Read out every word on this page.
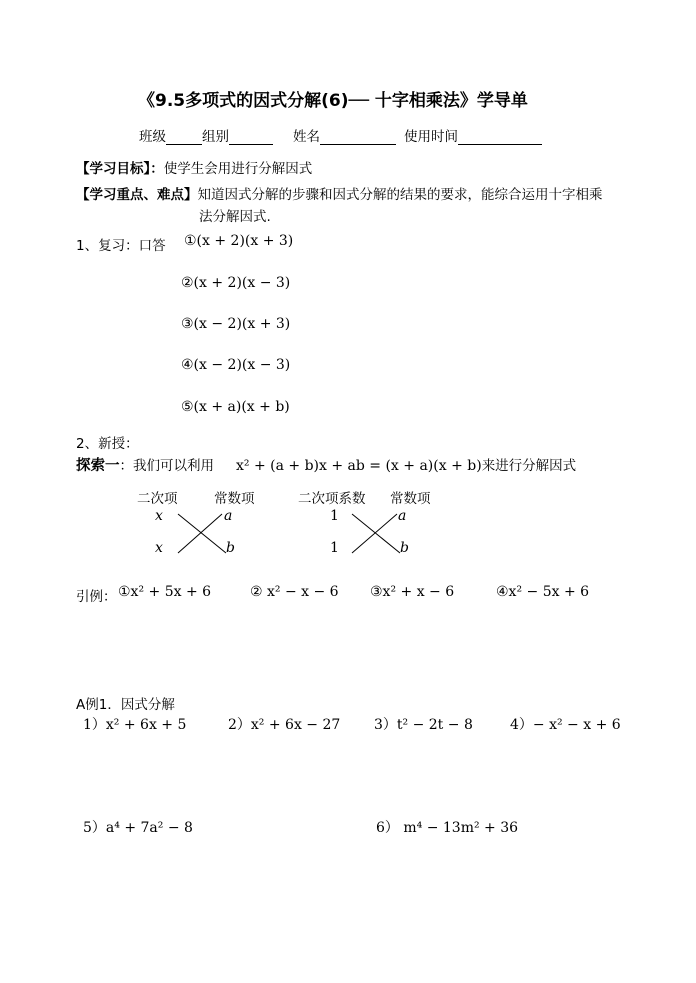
《9.5多项式的因式分解(6)── 十字相乘法》学导单
班级	组别	姓名	使用时间
【学习目标】：使学生会用进行分解因式
【学习重点、难点】知道因式分解的步骤和因式分解的结果的要求，能综合运用十字相乘
法分解因式.
1、复习：口答 ①(x + 2)(x + 3)
②(x + 2)(x − 3)
③(x − 2)(x + 3)
④(x − 2)(x − 3)
⑤(x + a)(x + b)
2、新授：
探索一：我们可以利用 x² + (a + b)x + ab = (x + a)(x + b)来进行分解因式
二次项	常数项
x
x
a
b
二次项系数 常数项
1
1
a
b
引例： ①x² + 5x + 6	② x² − x − 6 ③x² + x − 6	④x² − 5x + 6
A例1．因式分解
1）x² + 6x + 5	2）x² + 6x − 27 3）t² − 2t − 8	4）− x² − x + 6
5）a⁴ + 7a² − 8	6） m⁴ − 13m² + 36
